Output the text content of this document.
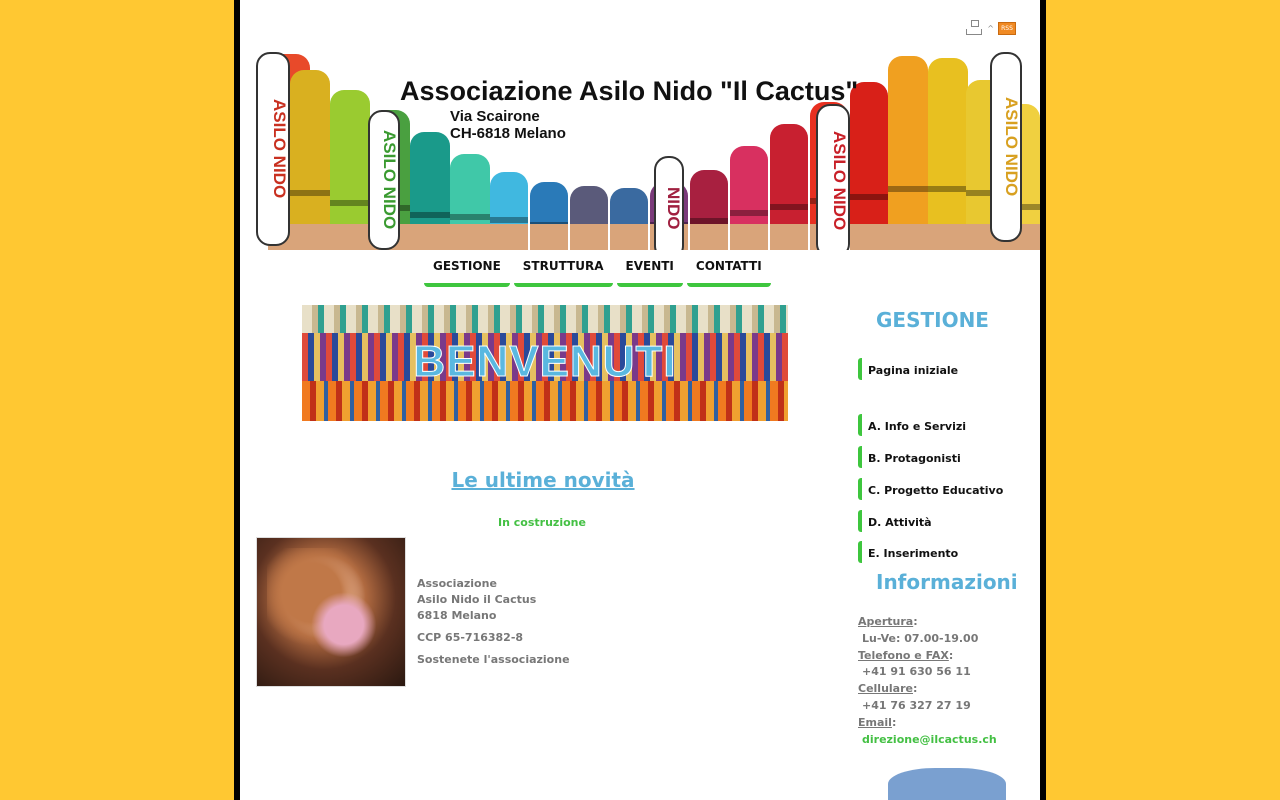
^	RSS
ASILO NIDO	ASILO NIDO	NIDO	ASILO NIDO	ASILO NIDO
Associazione Asilo Nido "Il Cactus"
Via Scairone
CH-6818 Melano
GESTIONE	STRUTTURA	EVENTI	CONTATTI
BENVENUTI
Le ultime novità
In costruzione

Associazione
Asilo Nido il Cactus
6818 Melano

CCP 65-716382-8

Sostenete l'associazione

GESTIONE
Pagina iniziale
A. Info e Servizi
B. Protagonisti
C. Progetto Educativo
D. Attività
E. Inserimento
Informazioni
Apertura:
Lu-Ve: 07.00-19.00
Telefono e FAX:
+41 91 630 56 11
Cellulare:
+41 76 327 27 19
Email:
direzione@ilcactus.ch
